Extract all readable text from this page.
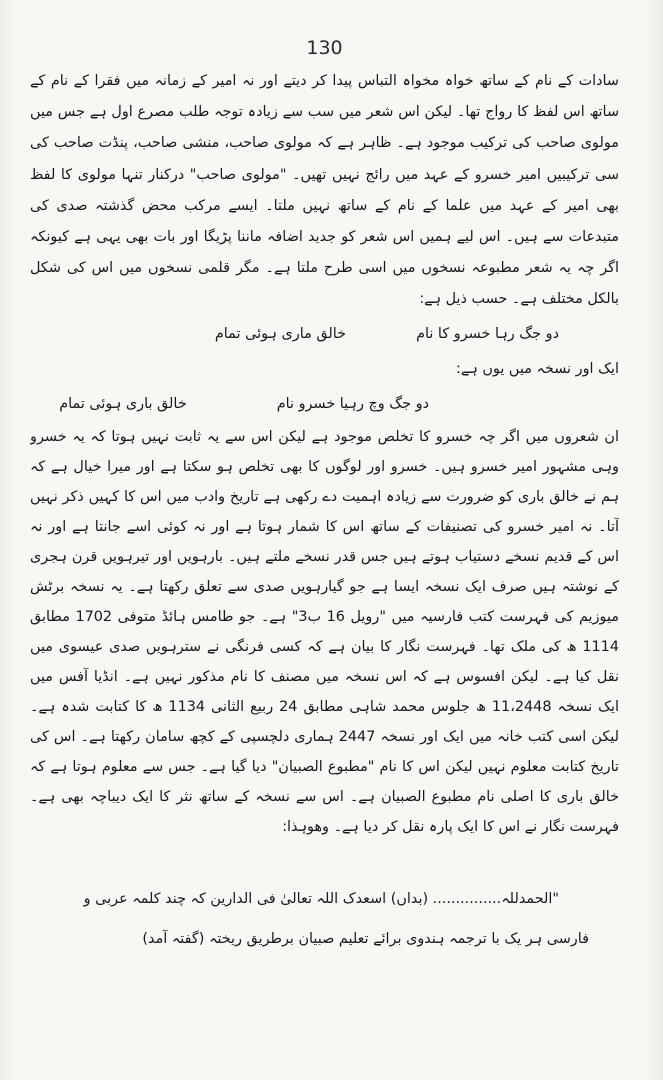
130

سادات کے نام کے ساتھ خواہ مخواہ التباس پیدا کر دیتے اور نہ امیر کے زمانہ میں فقرا کے نام کے ساتھ اس لفظ کا رواج تھا۔ لیکن اس شعر میں سب سے زیادہ توجہ طلب مصرع اول ہے جس میں مولوی صاحب کی ترکیب موجود ہے۔ ظاہر ہے کہ مولوی صاحب، منشی صاحب، پنڈت صاحب کی سی ترکیبیں امیر خسرو کے عہد میں رائج نہیں تھیں۔ "مولوی صاحب" درکنار تنہا مولوی کا لفظ بھی امیر کے عہد میں علما کے نام کے ساتھ نہیں ملتا۔ ایسے مرکب محض گذشتہ صدی کی متبدعات سے ہیں۔ اس لیے ہمیں اس شعر کو جدید اضافہ ماننا پڑیگا اور بات بھی یہی ہے کیونکہ اگر چہ یہ شعر مطبوعہ نسخوں میں اسی طرح ملتا ہے۔ مگر قلمی نسخوں میں اس کی شکل بالکل مختلف ہے۔ حسب ذیل ہے:

دو جگ رہا خسرو کا نام
خالق ماری ہوئی تمام
ایک اور نسخہ میں یوں ہے:
دو جگ وچ رہیا خسرو نام
خالق باری ہوئی تمام

ان شعروں میں اگر چہ خسرو کا تخلص موجود ہے لیکن اس سے یہ ثابت نہیں ہوتا کہ یہ خسرو وہی مشہور امیر خسرو ہیں۔ خسرو اور لوگوں کا بھی تخلص ہو سکتا ہے اور میرا خیال ہے کہ ہم نے خالق باری کو ضرورت سے زیادہ اہمیت دے رکھی ہے تاریخ وادب میں اس کا کہیں ذکر نہیں آتا۔ نہ امیر خسرو کی تصنیفات کے ساتھ اس کا شمار ہوتا ہے اور نہ کوئی اسے جانتا ہے اور نہ اس کے قدیم نسخے دستیاب ہوتے ہیں جس قدر نسخے ملتے ہیں۔ بارہویں اور تیرہویں قرن ہجری کے نوشتہ ہیں صرف ایک نسخہ ایسا ہے جو گیارہویں صدی سے تعلق رکھتا ہے۔ یہ نسخہ برٹش میوزیم کی فہرست کتب فارسیہ میں "رویل 16 ب3" ہے۔ جو طامس ہائڈ متوفی 1702 مطابق 1114 ھ کی ملک تھا۔ فہرست نگار کا بیان ہے کہ کسی فرنگی نے سترہویں صدی عیسوی میں نقل کیا ہے۔ لیکن افسوس ہے کہ اس نسخہ میں مصنف کا نام مذکور نہیں ہے۔ انڈیا آفس میں ایک نسخہ 11،2448 ھ جلوس محمد شاہی مطابق 24 ربیع الثانی 1134 ھ کا کتابت شدہ ہے۔ لیکن اسی کتب خانہ میں ایک اور نسخہ 2447 ہماری دلچسپی کے کچھ سامان رکھتا ہے۔ اس کی تاریخ کتابت معلوم نہیں لیکن اس کا نام "مطبوع الصبیان" دیا گیا ہے۔ جس سے معلوم ہوتا ہے کہ خالق باری کا اصلی نام مطبوع الصبیان ہے۔ اس سے نسخہ کے ساتھ نثر کا ایک دیباچہ بھی ہے۔ فہرست نگار نے اس کا ایک پارہ نقل کر دیا ہے۔ وھوہذا:

"الحمدللہ............... (بداں) اسعدک اللہ تعالیٰ فی الدارین کہ چند کلمہ عربی و
فارسی ہر یک با ترجمہ ہندوی برائے تعلیم صبیان برطریق ریختہ (گفتہ آمد)
